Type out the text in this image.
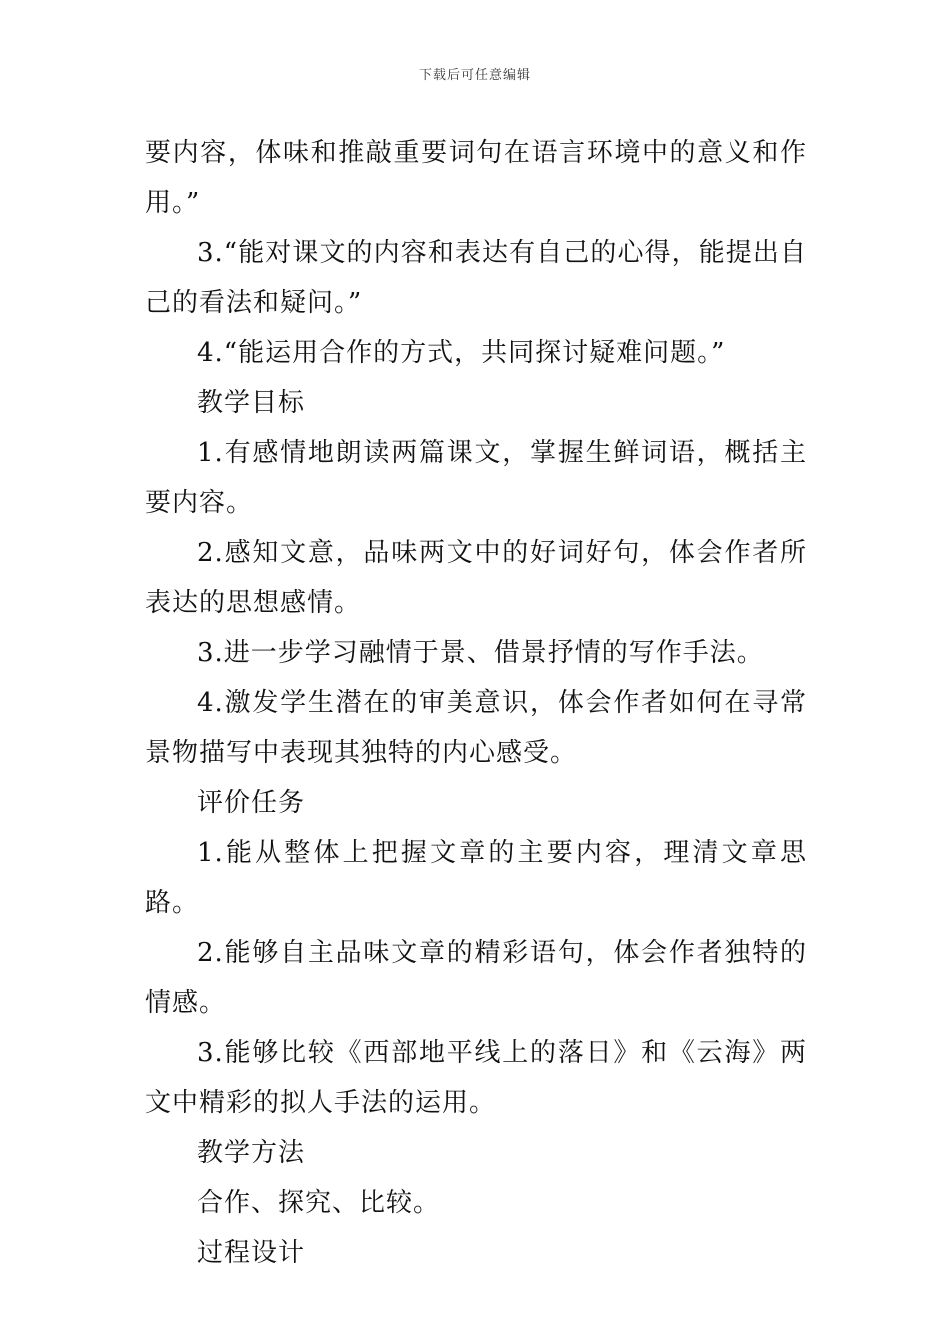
下载后可任意编辑

要内容，体味和推敲重要词句在语言环境中的意义和作用。”

3.“能对课文的内容和表达有自己的心得，能提出自己的看法和疑问。”

4.“能运用合作的方式，共同探讨疑难问题。”

教学目标

1.有感情地朗读两篇课文，掌握生鲜词语，概括主要内容。

2.感知文意，品味两文中的好词好句，体会作者所表达的思想感情。

3.进一步学习融情于景、借景抒情的写作手法。

4.激发学生潜在的审美意识，体会作者如何在寻常景物描写中表现其独特的内心感受。

评价任务

1.能从整体上把握文章的主要内容，理清文章思路。

2.能够自主品味文章的精彩语句，体会作者独特的情感。

3.能够比较《西部地平线上的落日》和《云海》两文中精彩的拟人手法的运用。

教学方法

合作、探究、比较。

过程设计
